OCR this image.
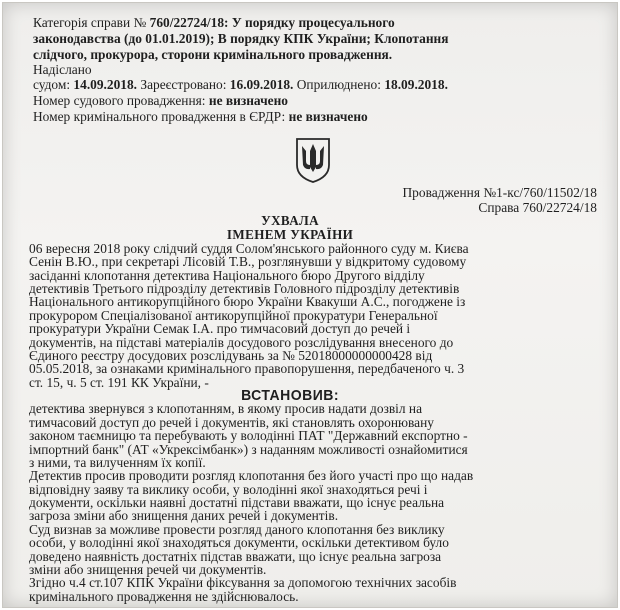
Категорія справи № 760/22724/18: У порядку процесуального
законодавства (до 01.01.2019); В порядку КПК України; Клопотання
слідчого, прокурора, сторони кримінального провадження.
Надіслано
судом: 14.09.2018. Зареєстровано: 16.09.2018. Оприлюднено: 18.09.2018.
Номер судового провадження: не визначено
Номер кримінального провадження в ЄРДР: не визначено
Провадження №1-кс/760/11502/18
Справа 760/22724/18
УХВАЛА
ІМЕНЕМ УКРАЇНИ
06 вересня 2018 року слідчий суддя Солом'янського районного суду м. Києва
Сенін В.Ю., при секретарі Лісовій Т.В., розглянувши у відкритому судовому
засіданні клопотання детектива Національного бюро Другого відділу
детективів Третього підрозділу детективів Головного підрозділу детективів
Національного антикорупційного бюро України Квакуши А.С., погоджене із
прокурором Спеціалізованої антикорупційної прокуратури Генеральної
прокуратури України Семак І.А. про тимчасовий доступ до речей і
документів, на підставі матеріалів досудового розслідування внесеного до
Єдиного реєстру досудових розслідувань за № 52018000000000428 від
05.05.2018, за ознаками кримінального правопорушення, передбаченого ч. 3
ст. 15, ч. 5 ст. 191 КК України, -
ВСТАНОВИВ:
детектива звернувся з клопотанням, в якому просив надати дозвіл на
тимчасовий доступ до речей і документів, які становлять охоронювану
законом таємницю та перебувають у володінні ПАТ "Державний експортно -
імпортний банк" (АТ «Укрексімбанк») з наданням можливості ознайомитися
з ними, та вилученням їх копії.
Детектив просив проводити розгляд клопотання без його участі про що надав
відповідну заяву та виклику особи, у володінні якої знаходяться речі і
документи, оскільки наявні достатні підстави вважати, що існує реальна
загроза зміни або знищення даних речей і документів.
Суд визнав за можливе провести розгляд даного клопотання без виклику
особи, у володінні якої знаходяться документи, оскільки детективом було
доведено наявність достатніх підстав вважати, що існує реальна загроза
зміни або знищення речей чи документів.
Згідно ч.4 ст.107 КПК України фіксування за допомогою технічних засобів
кримінального провадження не здійснювалось.
